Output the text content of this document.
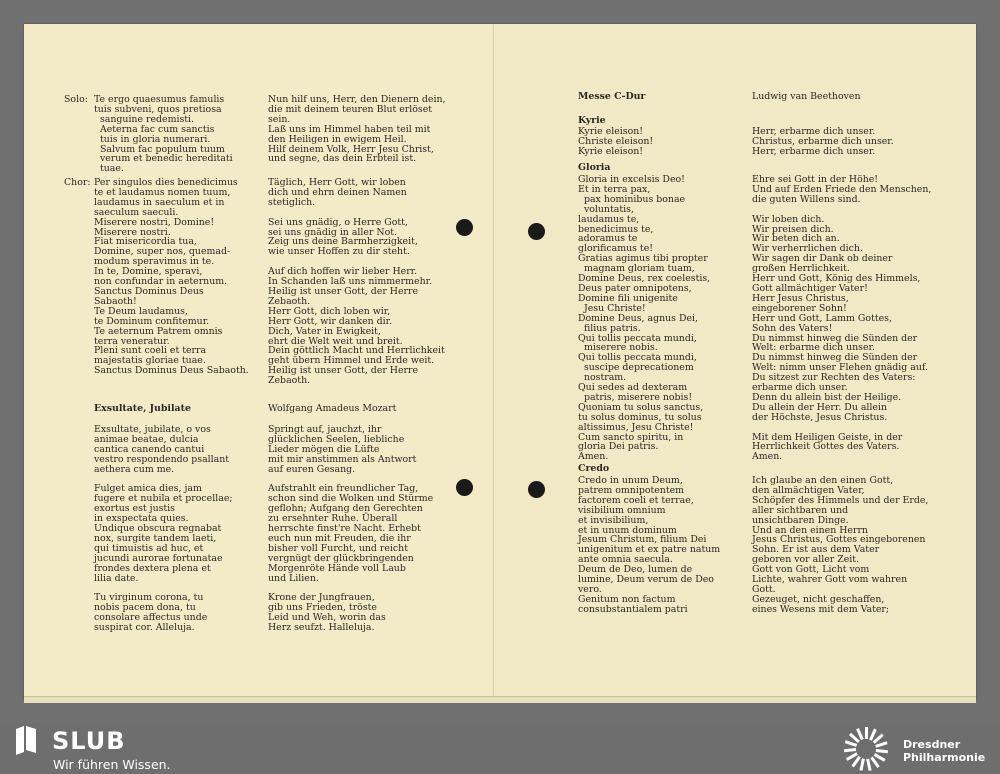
Solo: Te ergo quaesumus famulis
tuis subveni, quos pretiosa
sanguine redemisti.
Aeterna fac cum sanctis
tuis in gloria numerari.
Salvum fac populum tuum
verum et benedic hereditati
tuae.
Nun hilf uns, Herr, den Dienern dein,
die mit deinem teuren Blut erlöset
sein.
Laß uns im Himmel haben teil mit
den Heiligen in ewigem Heil.
Hilf deinem Volk, Herr Jesu Christ,
und segne, das dein Erbteil ist.
Chor: Per singulos dies benedicimus
te et laudamus nomen tuum,
laudamus in saeculum et in
saeculum saeculi.
Miserere nostri, Domine!
Miserere nostri.
Fiat misericordia tua,
Domine, super nos, quemad-
modum speravimus in te.
In te, Domine, speravi,
non confundar in aeternum.
Sanctus Dominus Deus
Sabaoth!
Te Deum laudamus,
te Dominum confitemur.
Te aeternum Patrem omnis
terra veneratur.
Pleni sunt coeli et terra
majestatis gloriae tuae.
Sanctus Dominus Deus Sabaoth.
Täglich, Herr Gott, wir loben
dich und ehrn deinen Namen
stetiglich.

Sei uns gnädig, o Herre Gott,
sei uns gnädig in aller Not.
Zeig uns deine Barmherzigkeit,
wie unser Hoffen zu dir steht.

Auf dich hoffen wir lieber Herr.
In Schanden laß uns nimmermehr.
Heilig ist unser Gott, der Herre
Zebaoth.
Herr Gott, dich loben wir,
Herr Gott, wir danken dir.
Dich, Vater in Ewigkeit,
ehrt die Welt weit und breit.
Dein göttlich Macht und Herrlichkeit
geht übern Himmel und Erde weit.
Heilig ist unser Gott, der Herre
Zebaoth.
Exsultate, Jubilate	Wolfgang Amadeus Mozart
Exsultate, jubilate, o vos
animae beatae, dulcia
cantica canendo cantui
vestro respondendo psallant
aethera cum me.

Fulget amica dies, jam
fugere et nubila et procellae;
exortus est justis
in exspectata quies.
Undique obscura regnabat
nox, surgite tandem laeti,
qui timuistis ad huc, et
jucundi aurorae fortunatae
frondes dextera plena et
lilia date.

Tu virginum corona, tu
nobis pacem dona, tu
consolare affectus unde
suspirat cor. Alleluja.
Springt auf, jauchzt, ihr
glücklichen Seelen, liebliche
Lieder mögen die Lüfte
mit mir anstimmen als Antwort
auf euren Gesang.

Aufstrahlt ein freundlicher Tag,
schon sind die Wolken und Stürme
geflohn; Aufgang den Gerechten
zu ersehnter Ruhe. Überall
herrschte finst're Nacht. Erhebt
euch nun mit Freuden, die ihr
bisher voll Furcht, und reicht
vergnügt der glückbringenden
Morgenröte Hände voll Laub
und Lilien.

Krone der Jungfrauen,
gib uns Frieden, tröste
Leid und Weh, worin das
Herz seufzt. Halleluja.
Messe C-Dur	Ludwig van Beethoven
Kyrie
Kyrie eleison!
Christe eleison!
Kyrie eleison!
Herr, erbarme dich unser.
Christus, erbarme dich unser.
Herr, erbarme dich unser.
Gloria
Gloria in excelsis Deo!
Et in terra pax,
pax hominibus bonae
voluntatis,
laudamus te,
benedicimus te,
adoramus te
glorificamus te!
Gratias agimus tibi propter
magnam gloriam tuam,
Domine Deus, rex coelestis,
Deus pater omnipotens,
Domine fili unigenite
Jesu Christe!
Domine Deus, agnus Dei,
filius patris.
Qui tollis peccata mundi,
miserere nobis.
Qui tollis peccata mundi,
suscipe deprecationem
nostram.
Qui sedes ad dexteram
patris, miserere nobis!
Quoniam tu solus sanctus,
tu solus dominus, tu solus
altissimus, Jesu Christe!
Cum sancto spiritu, in
gloria Dei patris.
Amen.
Ehre sei Gott in der Höhe!
Und auf Erden Friede den Menschen,
die guten Willens sind.

Wir loben dich.
Wir preisen dich.
Wir beten dich an.
Wir verherrlichen dich.
Wir sagen dir Dank ob deiner
großen Herrlichkeit.
Herr und Gott, König des Himmels,
Gott allmächtiger Vater!
Herr Jesus Christus,
eingeborener Sohn!
Herr und Gott, Lamm Gottes,
Sohn des Vaters!
Du nimmst hinweg die Sünden der
Welt: erbarme dich unser.
Du nimmst hinweg die Sünden der
Welt: nimm unser Flehen gnädig auf.
Du sitzest zur Rechten des Vaters:
erbarme dich unser.
Denn du allein bist der Heilige.
Du allein der Herr. Du allein
der Höchste, Jesus Christus.

Mit dem Heiligen Geiste, in der
Herrlichkeit Gottes des Vaters.
Amen.
Credo
Credo in unum Deum,
patrem omnipotentem
factorem coeli et terrae,
visibilium omnium
et invisibilium,
et in unum dominum
Jesum Christum, filium Dei
unigenitum et ex patre natum
ante omnia saecula.
Deum de Deo, lumen de
lumine, Deum verum de Deo
vero.
Genitum non factum
consubstantialem patri
Ich glaube an den einen Gott,
den allmächtigen Vater,
Schöpfer des Himmels und der Erde,
aller sichtbaren und
unsichtbaren Dinge.
Und an den einen Herrn
Jesus Christus, Gottes eingeborenen
Sohn. Er ist aus dem Vater
geboren vor aller Zeit.
Gott von Gott, Licht vom
Lichte, wahrer Gott vom wahren
Gott.
Gezeuget, nicht geschaffen,
eines Wesens mit dem Vater;
SLUB
Wir führen Wissen.
Dresdner
Philharmonie
